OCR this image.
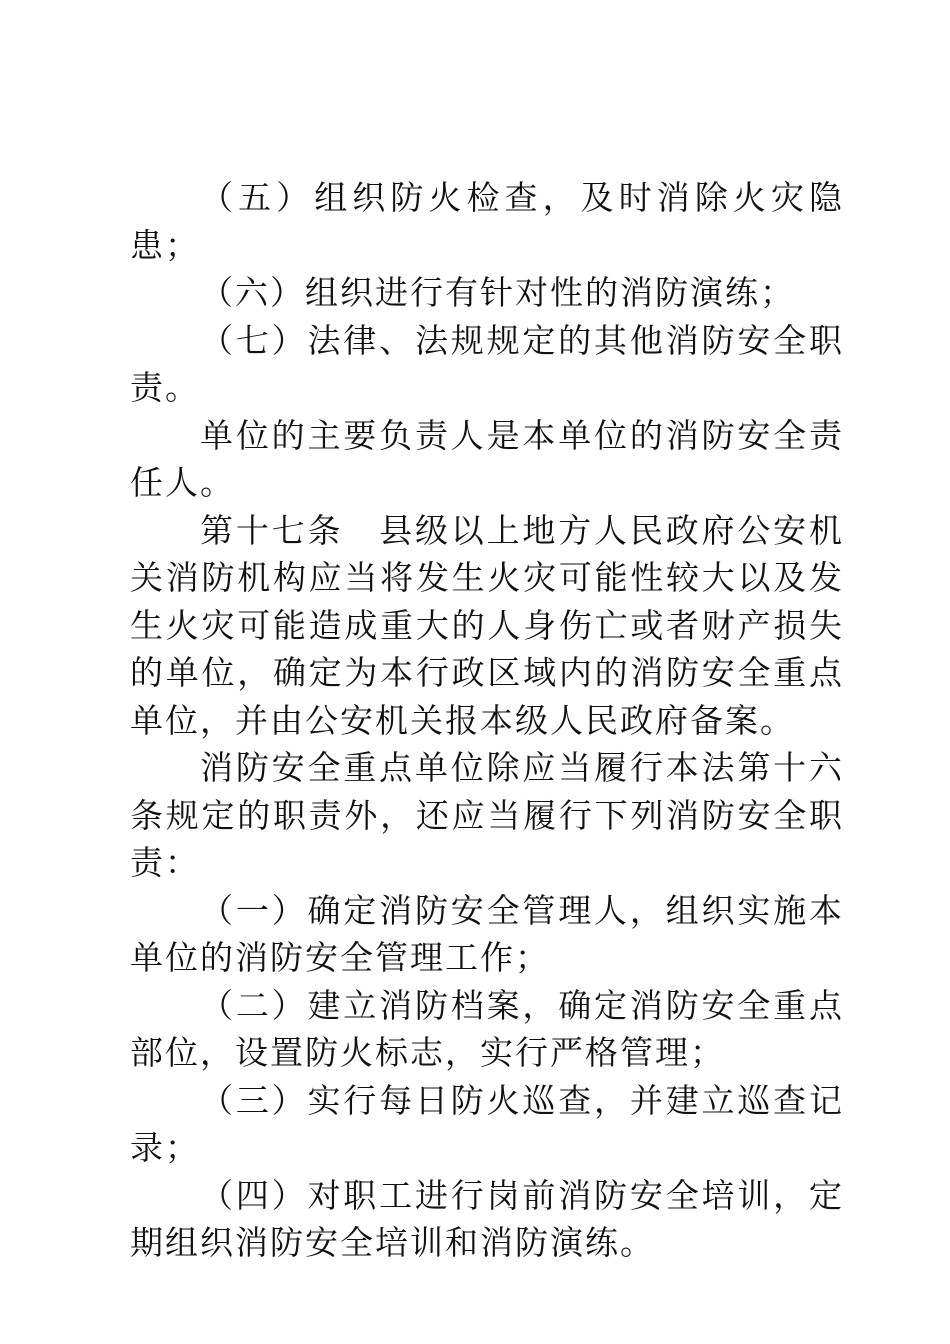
（五）组织防火检查，及时消除火灾隐患；

（六）组织进行有针对性的消防演练；

（七）法律、法规规定的其他消防安全职责。

单位的主要负责人是本单位的消防安全责任人。

第十七条　县级以上地方人民政府公安机关消防机构应当将发生火灾可能性较大以及发生火灾可能造成重大的人身伤亡或者财产损失的单位，确定为本行政区域内的消防安全重点单位，并由公安机关报本级人民政府备案。

消防安全重点单位除应当履行本法第十六条规定的职责外，还应当履行下列消防安全职责：

（一）确定消防安全管理人，组织实施本单位的消防安全管理工作；

（二）建立消防档案，确定消防安全重点部位，设置防火标志，实行严格管理；

（三）实行每日防火巡查，并建立巡查记录；

（四）对职工进行岗前消防安全培训，定期组织消防安全培训和消防演练。
